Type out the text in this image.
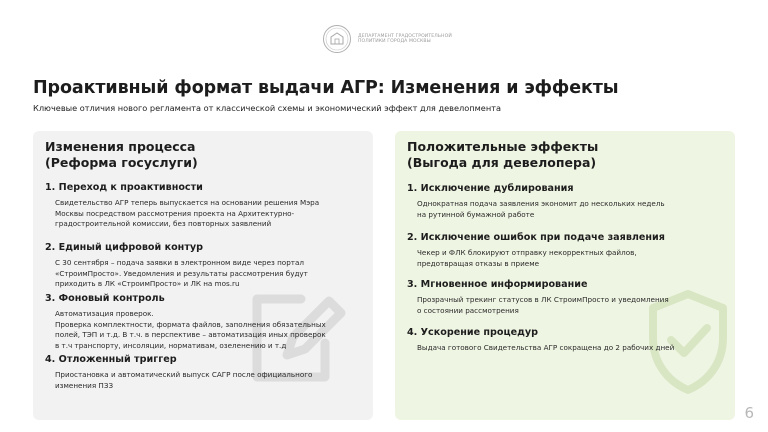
ДЕПАРТАМЕНТ ГРАДОСТРОИТЕЛЬНОЙ ПОЛИТИКИ ГОРОДА МОСКВЫ
Проактивный формат выдачи АГР: Изменения и эффекты
Ключевые отличия нового регламента от классической схемы и экономический эффект для девелопмента
Изменения процесса
(Реформа госуслуги)
1. Переход к проактивности
Свидетельство АГР теперь выпускается на основании решения Мэра
Москвы посредством рассмотрения проекта на Архитектурно-
градостроительной комиссии, без повторных заявлений
2. Единый цифровой контур
С 30 сентября – подача заявки в электронном виде через портал
«СтроимПросто». Уведомления и результаты рассмотрения будут
приходить в ЛК «СтроимПросто» и ЛК на mos.ru
3. Фоновый контроль
Автоматизация проверок.
Проверка комплектности, формата файлов, заполнения обязательных
полей, ТЭП и т.д. В т.ч. в перспективе – автоматизация иных проверок
в т.ч транспорту, инсоляции, нормативам, озеленению и т.д
4. Отложенный триггер
Приостановка и автоматический выпуск САГР после официального
изменения ПЗЗ
Положительные эффекты
(Выгода для девелопера)
1. Исключение дублирования
Однократная подача заявления экономит до нескольких недель
на рутинной бумажной работе
2. Исключение ошибок при подаче заявления
Чекер и ФЛК блокируют отправку некорректных файлов,
предотвращая отказы в приеме
3. Мгновенное информирование
Прозрачный трекинг статусов в ЛК СтроимПросто и уведомления
о состоянии рассмотрения
4. Ускорение процедур
Выдача готового Свидетельства АГР сокращена до 2 рабочих дней
6
